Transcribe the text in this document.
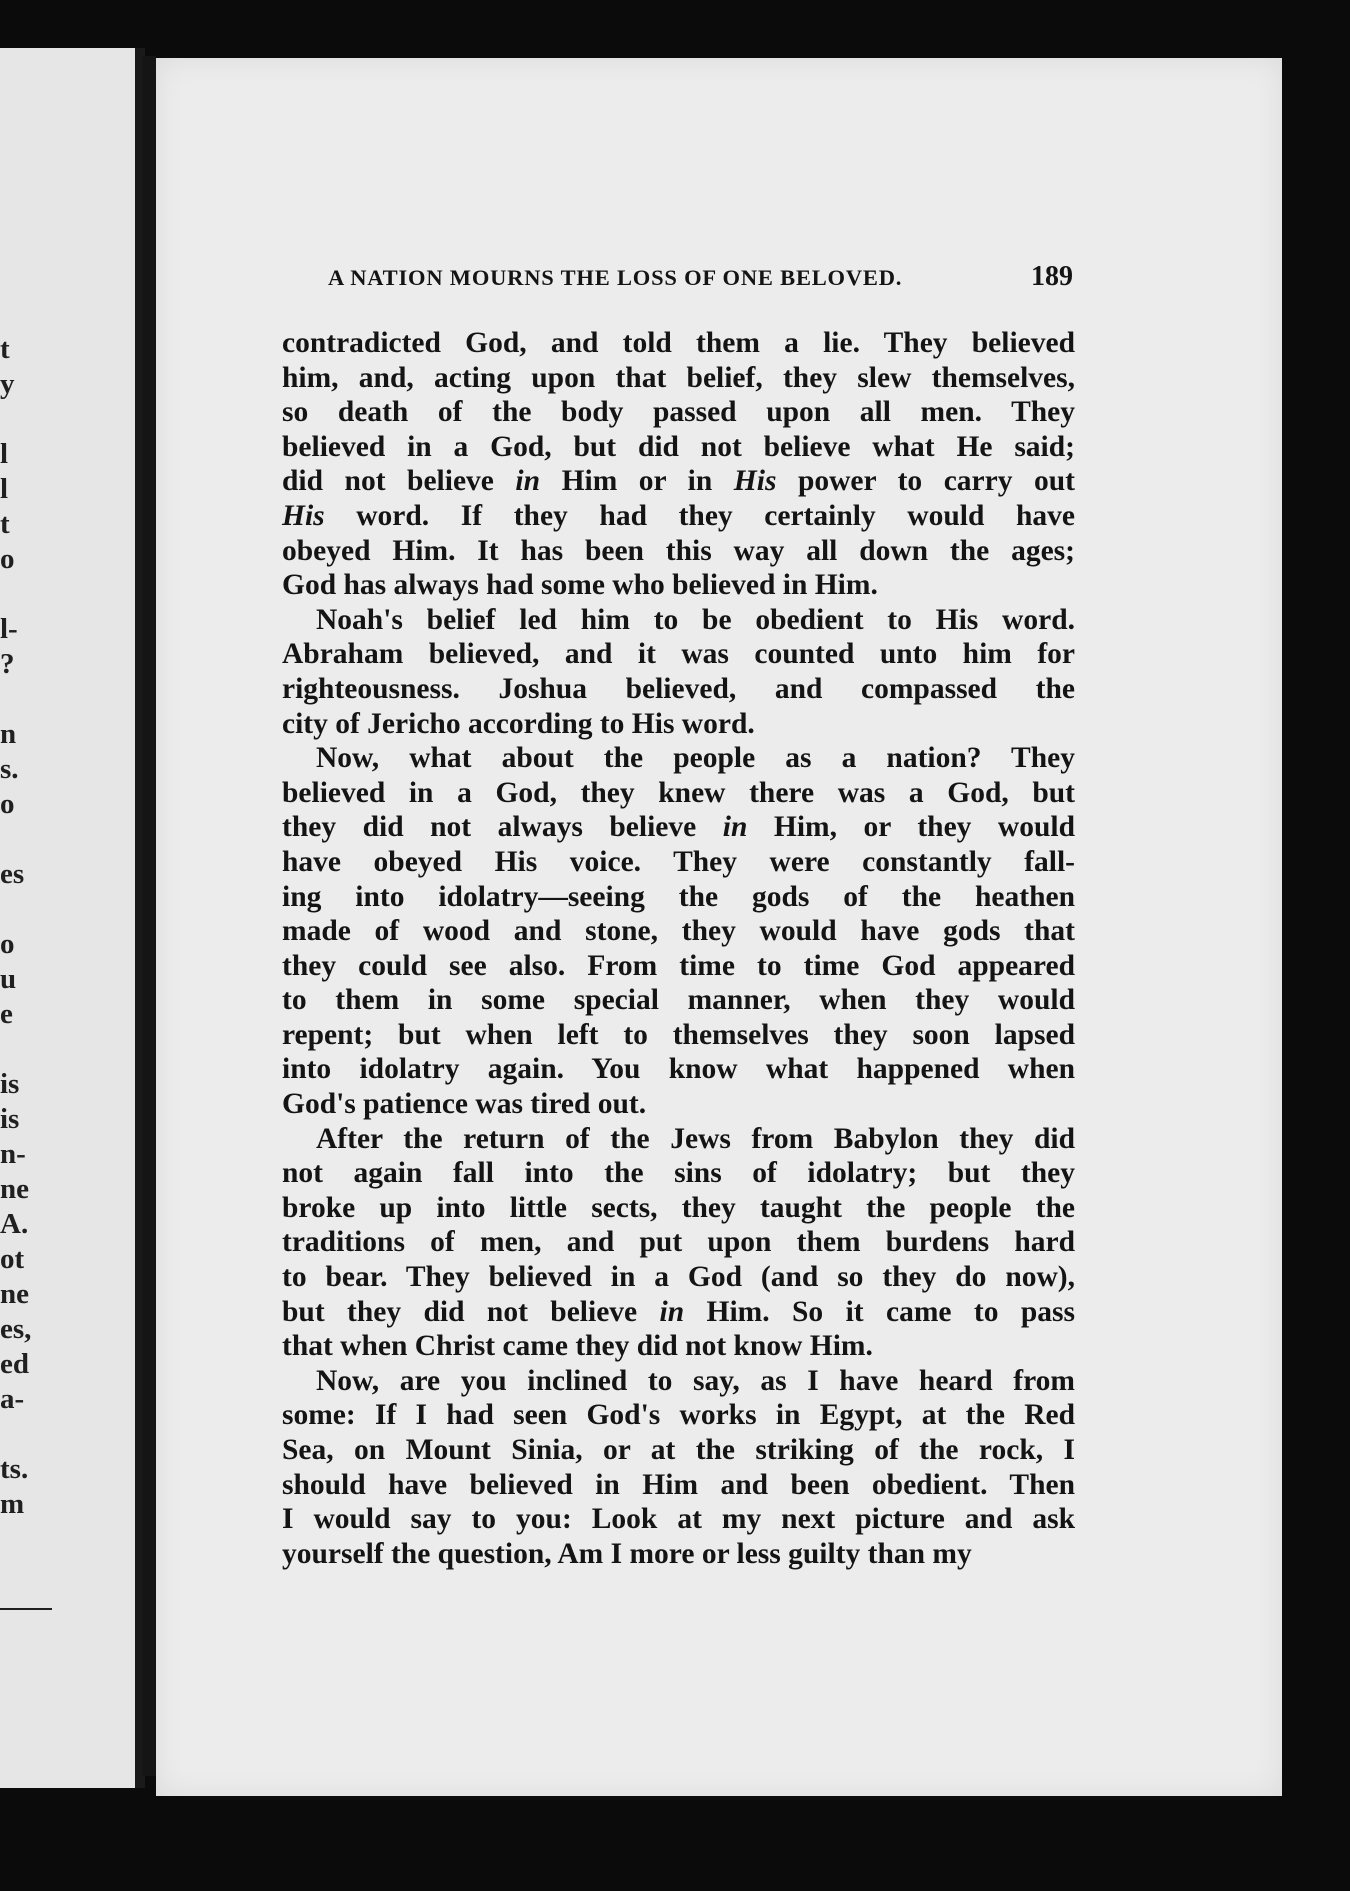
t
y
l
l
t
o
l-
?
n
s.
o
es
o
u
e
is
is
n-
ne
A.
ot
ne
es,
ed
a-
ts.
m
A NATION MOURNS THE LOSS OF ONE BELOVED.	189
contradicted God, and told them a lie. They believed
him, and, acting upon that belief, they slew themselves,
so death of the body passed upon all men. They
believed in a God, but did not believe what He said;
did not believe in Him or in His power to carry out
His word. If they had they certainly would have
obeyed Him. It has been this way all down the ages;
God has always had some who believed in Him.
Noah's belief led him to be obedient to His word.
Abraham believed, and it was counted unto him for
righteousness. Joshua believed, and compassed the
city of Jericho according to His word.
Now, what about the people as a nation? They
believed in a God, they knew there was a God, but
they did not always believe in Him, or they would
have obeyed His voice. They were constantly fall-
ing into idolatry—seeing the gods of the heathen
made of wood and stone, they would have gods that
they could see also. From time to time God appeared
to them in some special manner, when they would
repent; but when left to themselves they soon lapsed
into idolatry again. You know what happened when
God's patience was tired out.
After the return of the Jews from Babylon they did
not again fall into the sins of idolatry; but they
broke up into little sects, they taught the people the
traditions of men, and put upon them burdens hard
to bear. They believed in a God (and so they do now),
but they did not believe in Him. So it came to pass
that when Christ came they did not know Him.
Now, are you inclined to say, as I have heard from
some: If I had seen God's works in Egypt, at the Red
Sea, on Mount Sinia, or at the striking of the rock, I
should have believed in Him and been obedient. Then
I would say to you: Look at my next picture and ask
yourself the question, Am I more or less guilty than my
